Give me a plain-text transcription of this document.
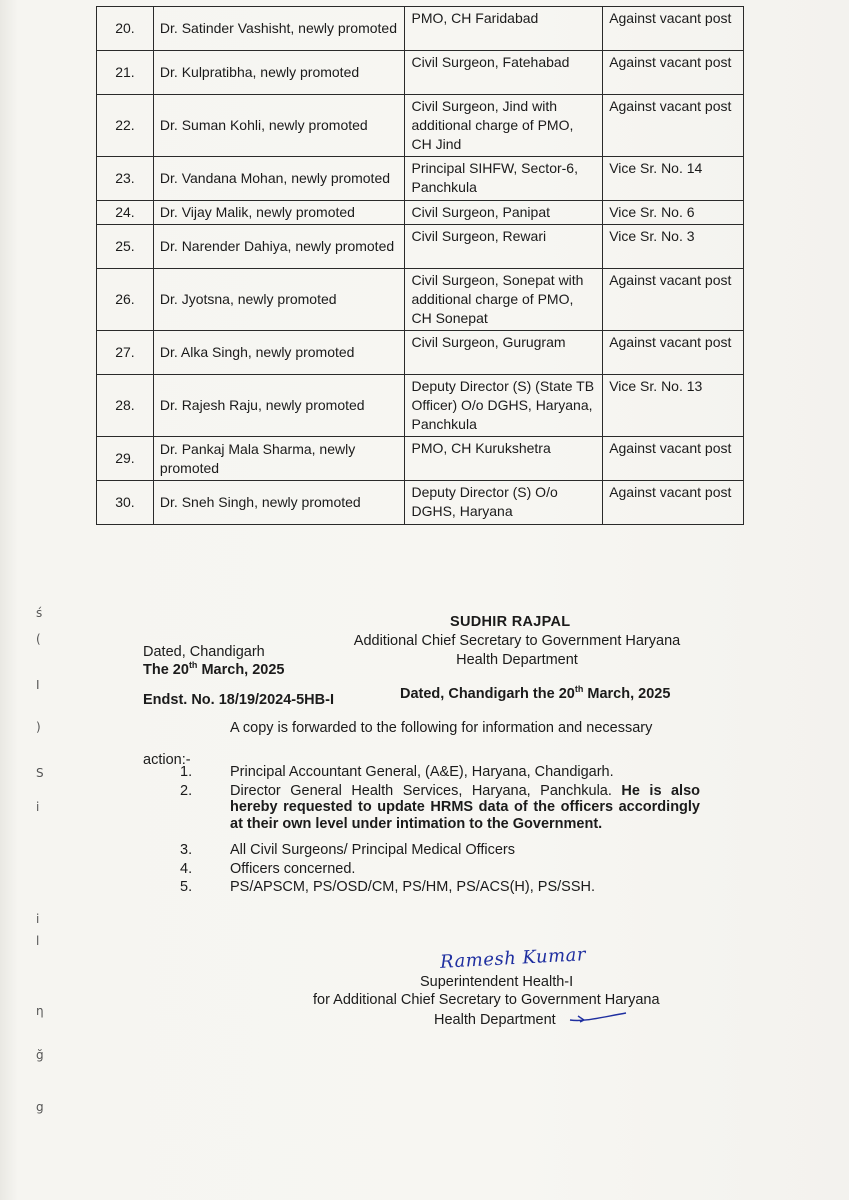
20.	Dr. Satinder Vashisht, newly promoted	PMO, CH Faridabad	Against vacant post
21.	Dr. Kulpratibha, newly promoted	Civil Surgeon, Fatehabad	Against vacant post
22.	Dr. Suman Kohli, newly promoted	Civil Surgeon, Jind with additional charge of PMO, CH Jind	Against vacant post
23.	Dr. Vandana Mohan, newly promoted	Principal SIHFW, Sector-6, Panchkula	Vice Sr. No. 14
24.	Dr. Vijay Malik, newly promoted	Civil Surgeon, Panipat	Vice Sr. No. 6
25.	Dr. Narender Dahiya, newly promoted	Civil Surgeon, Rewari	Vice Sr. No. 3
26.	Dr. Jyotsna, newly promoted	Civil Surgeon, Sonepat with additional charge of PMO, CH Sonepat	Against vacant post
27.	Dr. Alka Singh, newly promoted	Civil Surgeon, Gurugram	Against vacant post
28.	Dr. Rajesh Raju, newly promoted	Deputy Director (S) (State TB Officer) O/o DGHS, Haryana, Panchkula	Vice Sr. No. 13
29.	Dr. Pankaj Mala Sharma, newly promoted	PMO, CH Kurukshetra	Against vacant post
30.	Dr. Sneh Singh, newly promoted	Deputy Director (S) O/o DGHS, Haryana	Against vacant post
SUDHIR RAJPAL
Additional Chief Secretary to Government Haryana
Health Department
Dated, Chandigarh
The 20th March, 2025
Endst. No. 18/19/2024-5HB-I	Dated, Chandigarh the 20th March, 2025
A copy is forwarded to the following for information and necessary
action:-
1.	Principal Accountant General, (A&E), Haryana, Chandigarh.
2.	Director General Health Services, Haryana, Panchkula. He is also hereby requested to update HRMS data of the officers accordingly at their own level under intimation to the Government.
3.	All Civil Surgeons/ Principal Medical Officers
4.	Officers concerned.
5.	PS/APSCM, PS/OSD/CM, PS/HM, PS/ACS(H), PS/SSH.
Ramesh Kumar
Superintendent Health-I
for Additional Chief Secretary to Government Haryana
Health Department
ś
(
I
)
S
i
i
l
η
ğ
g
